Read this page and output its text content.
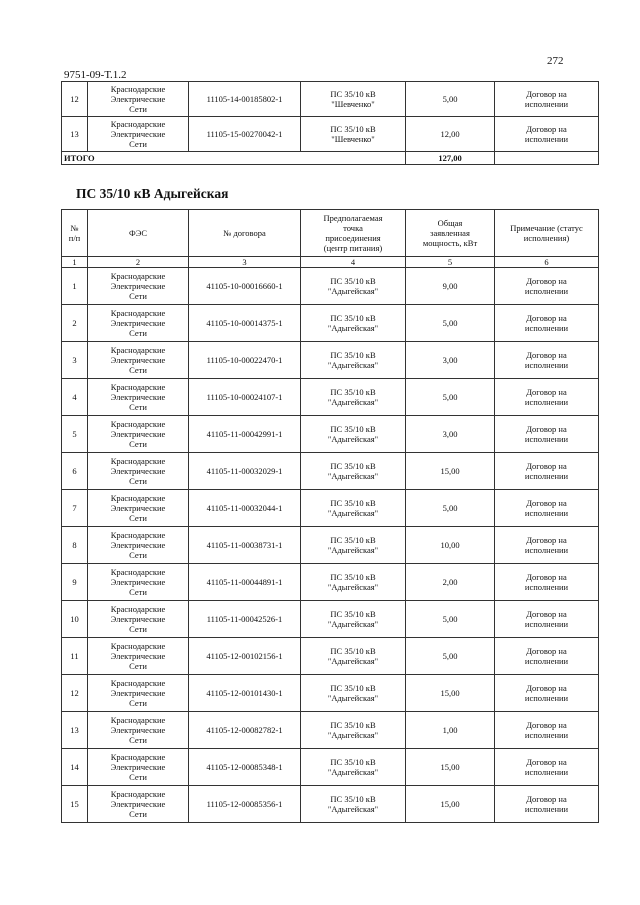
272
9751-09-Т.1.2
12	Краснодарские
Электрические
Сети	11105-14-00185802-1	ПС 35/10 кВ
"Шевченко"	5,00	Договор на
исполнении

13	Краснодарские
Электрические
Сети	11105-15-00270042-1	ПС 35/10 кВ
"Шевченко"	12,00	Договор на
исполнении

ИТОГО				127,00	
ПС 35/10 кВ Адыгейская
№
п/п	ФЭС	№ договора	Предполагаемая
точка
присоединения
(центр питания)	Общая
заявленная
мощность, кВт	Примечание (статус
исполнения)

1	2	3	4	5	6

1	Краснодарские
Электрические
Сети	41105-10-00016660-1	ПС 35/10 кВ
"Адыгейская"	9,00	Договор на
исполнении

2	Краснодарские
Электрические
Сети	41105-10-00014375-1	ПС 35/10 кВ
"Адыгейская"	5,00	Договор на
исполнении

3	Краснодарские
Электрические
Сети	11105-10-00022470-1	ПС 35/10 кВ
"Адыгейская"	3,00	Договор на
исполнении

4	Краснодарские
Электрические
Сети	11105-10-00024107-1	ПС 35/10 кВ
"Адыгейская"	5,00	Договор на
исполнении

5	Краснодарские
Электрические
Сети	41105-11-00042991-1	ПС 35/10 кВ
"Адыгейская"	3,00	Договор на
исполнении

6	Краснодарские
Электрические
Сети	41105-11-00032029-1	ПС 35/10 кВ
"Адыгейская"	15,00	Договор на
исполнении

7	Краснодарские
Электрические
Сети	41105-11-00032044-1	ПС 35/10 кВ
"Адыгейская"	5,00	Договор на
исполнении

8	Краснодарские
Электрические
Сети	41105-11-00038731-1	ПС 35/10 кВ
"Адыгейская"	10,00	Договор на
исполнении

9	Краснодарские
Электрические
Сети	41105-11-00044891-1	ПС 35/10 кВ
"Адыгейская"	2,00	Договор на
исполнении

10	Краснодарские
Электрические
Сети	11105-11-00042526-1	ПС 35/10 кВ
"Адыгейская"	5,00	Договор на
исполнении

11	Краснодарские
Электрические
Сети	41105-12-00102156-1	ПС 35/10 кВ
"Адыгейская"	5,00	Договор на
исполнении

12	Краснодарские
Электрические
Сети	41105-12-00101430-1	ПС 35/10 кВ
"Адыгейская"	15,00	Договор на
исполнении

13	Краснодарские
Электрические
Сети	41105-12-00082782-1	ПС 35/10 кВ
"Адыгейская"	1,00	Договор на
исполнении

14	Краснодарские
Электрические
Сети	41105-12-00085348-1	ПС 35/10 кВ
"Адыгейская"	15,00	Договор на
исполнении

15	Краснодарские
Электрические
Сети	11105-12-00085356-1	ПС 35/10 кВ
"Адыгейская"	15,00	Договор на
исполнении
